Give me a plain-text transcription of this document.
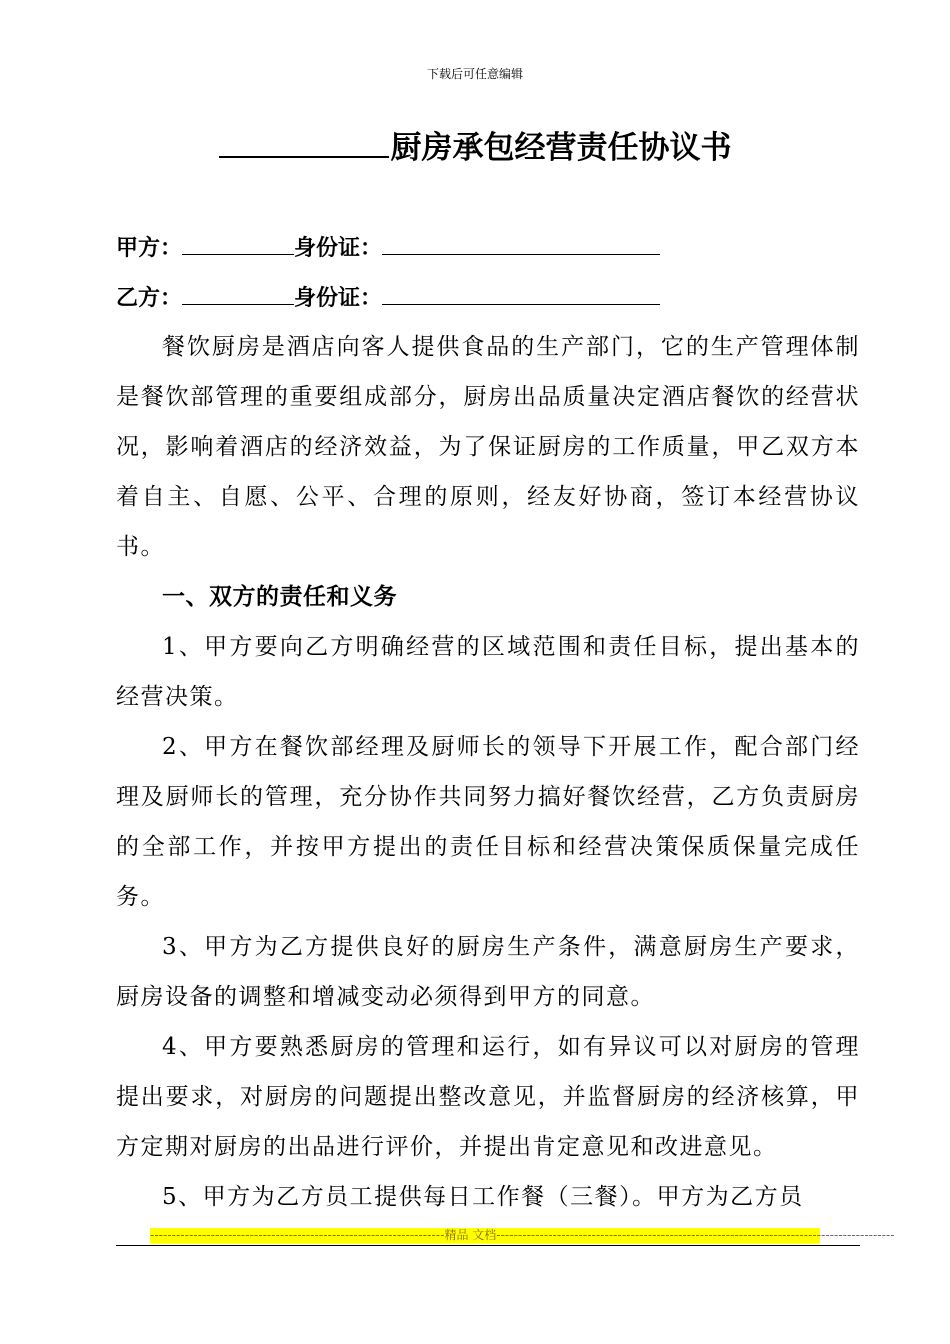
下载后可任意编辑
厨房承包经营责任协议书
甲方：	身份证：
乙方：	身份证：

餐饮厨房是酒店向客人提供食品的生产部门，它的生产管理体制是餐饮部管理的重要组成部分，厨房出品质量决定酒店餐饮的经营状况，影响着酒店的经济效益，为了保证厨房的工作质量，甲乙双方本着自主、自愿、公平、合理的原则，经友好协商，签订本经营协议书。

一、双方的责任和义务

1、甲方要向乙方明确经营的区域范围和责任目标，提出基本的经营决策。

2、甲方在餐饮部经理及厨师长的领导下开展工作，配合部门经理及厨师长的管理，充分协作共同努力搞好餐饮经营，乙方负责厨房的全部工作，并按甲方提出的责任目标和经营决策保质保量完成任务。

3、甲方为乙方提供良好的厨房生产条件，满意厨房生产要求，厨房设备的调整和增减变动必须得到甲方的同意。

4、甲方要熟悉厨房的管理和运行，如有异议可以对厨房的管理提出要求，对厨房的问题提出整改意见，并监督厨房的经济核算，甲方定期对厨房的出品进行评价，并提出肯定意见和改进意见。

5、甲方为乙方员工提供每日工作餐（三餐）。甲方为乙方员

--------------------------------------------------------------------精品 文档--------------------------------------------------------------------------------------------
